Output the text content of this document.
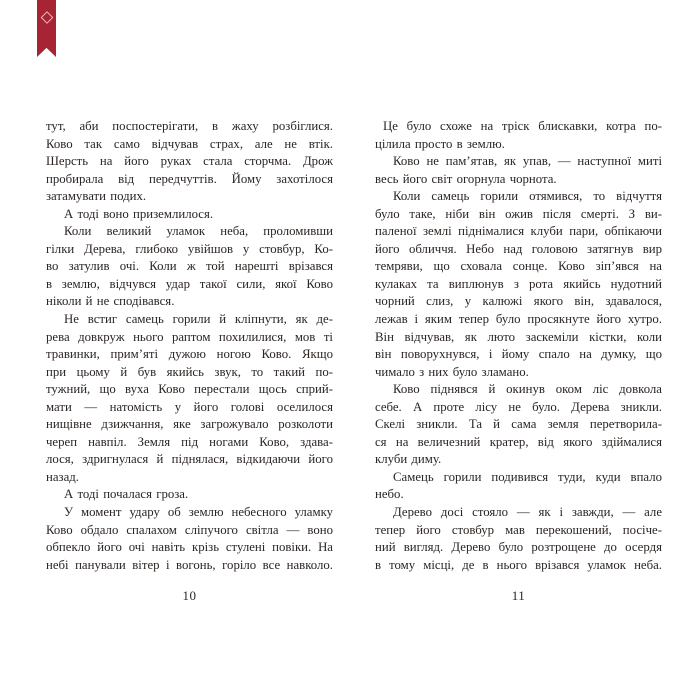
тут, аби поспостерігати, в жаху розбіглися.
Ково так само відчував страх, але не втік.
Шерсть на його руках стала сторчма. Дрож
пробирала від передчуттів. Йому захотілося
затамувати подих.
А тоді воно приземлилося.
Коли великий уламок неба, проломивши
гілки Дерева, глибоко увійшов у стовбур, Ко-
во затулив очі. Коли ж той нарешті врізався
в землю, відчувся удар такої сили, якої Ково
ніколи й не сподівався.
Не встиг самець горили й кліпнути, як де-
рева довкруж нього раптом похилилися, мов ті
травинки, прим’яті дужою ногою Ково. Якщо
при цьому й був якийсь звук, то такий по-
тужний, що вуха Ково перестали щось сприй-
мати — натомість у його голові оселилося
нищівне дзижчання, яке загрожувало розколоти
череп навпіл. Земля під ногами Ково, здава-
лося, здригнулася й піднялася, відкидаючи його
назад.
А тоді почалася гроза.
У момент удару об землю небесного уламку
Ково обдало спалахом сліпучого світла — воно
обпекло його очі навіть крізь стулені повіки. На
небі панували вітер і вогонь, горіло все навколо.
10
Це було схоже на тріск блискавки, котра по-
цілила просто в землю.
Ково не пам’ятав, як упав, — наступної миті
весь його світ огорнула чорнота.
Коли самець горили отямився, то відчуття
було таке, ніби він ожив після смерті. З ви-
паленої землі піднімалися клуби пари, обпікаючи
його обличчя. Небо над головою затягнув вир
темряви, що сховала сонце. Ково зіп’явся на
кулаках та виплюнув з рота якийсь нудотний
чорний слиз, у калюжі якого він, здавалося,
лежав і яким тепер було просякнуте його хутро.
Він відчував, як люто заскеміли кістки, коли
він поворухнувся, і йому спало на думку, що
чимало з них було зламано.
Ково піднявся й окинув оком ліс довкола
себе. А проте лісу не було. Дерева зникли.
Скелі зникли. Та й сама земля перетворила-
ся на величезний кратер, від якого здіймалися
клуби диму.
Самець горили подивився туди, куди впало
небо.
Дерево досі стояло — як і завжди, — але
тепер його стовбур мав перекошений, посіче-
ний вигляд. Дерево було розтрощене до осердя
в тому місці, де в нього врізався уламок неба.
11
